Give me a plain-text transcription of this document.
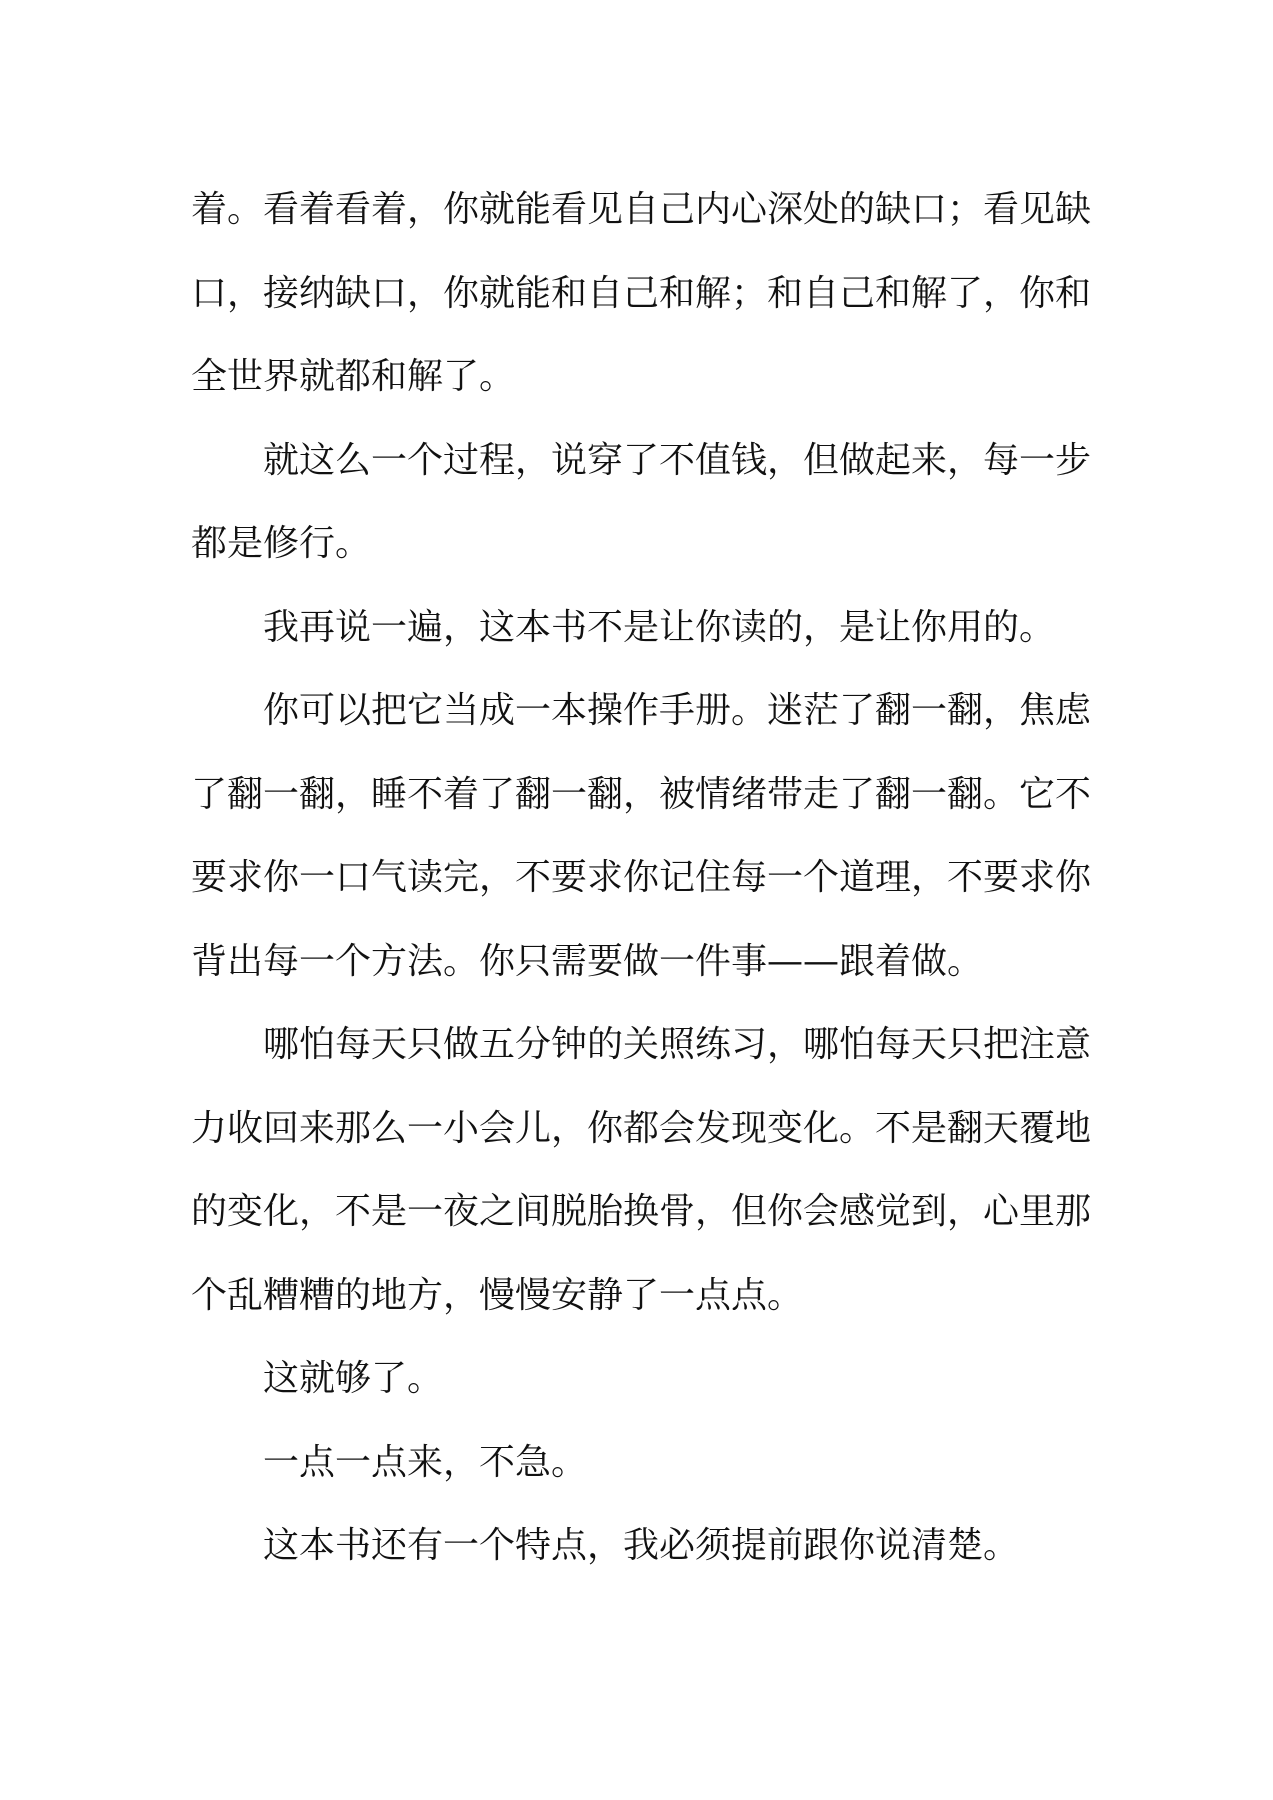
着。看着看着，你就能看见自己内心深处的缺口；看见缺口，接纳缺口，你就能和自己和解；和自己和解了，你和全世界就都和解了。

就这么一个过程，说穿了不值钱，但做起来，每一步都是修行。

我再说一遍，这本书不是让你读的，是让你用的。

你可以把它当成一本操作手册。迷茫了翻一翻，焦虑了翻一翻，睡不着了翻一翻，被情绪带走了翻一翻。它不要求你一口气读完，不要求你记住每一个道理，不要求你背出每一个方法。你只需要做一件事——跟着做。

哪怕每天只做五分钟的关照练习，哪怕每天只把注意力收回来那么一小会儿，你都会发现变化。不是翻天覆地的变化，不是一夜之间脱胎换骨，但你会感觉到，心里那个乱糟糟的地方，慢慢安静了一点点。

这就够了。

一点一点来，不急。

这本书还有一个特点，我必须提前跟你说清楚。
